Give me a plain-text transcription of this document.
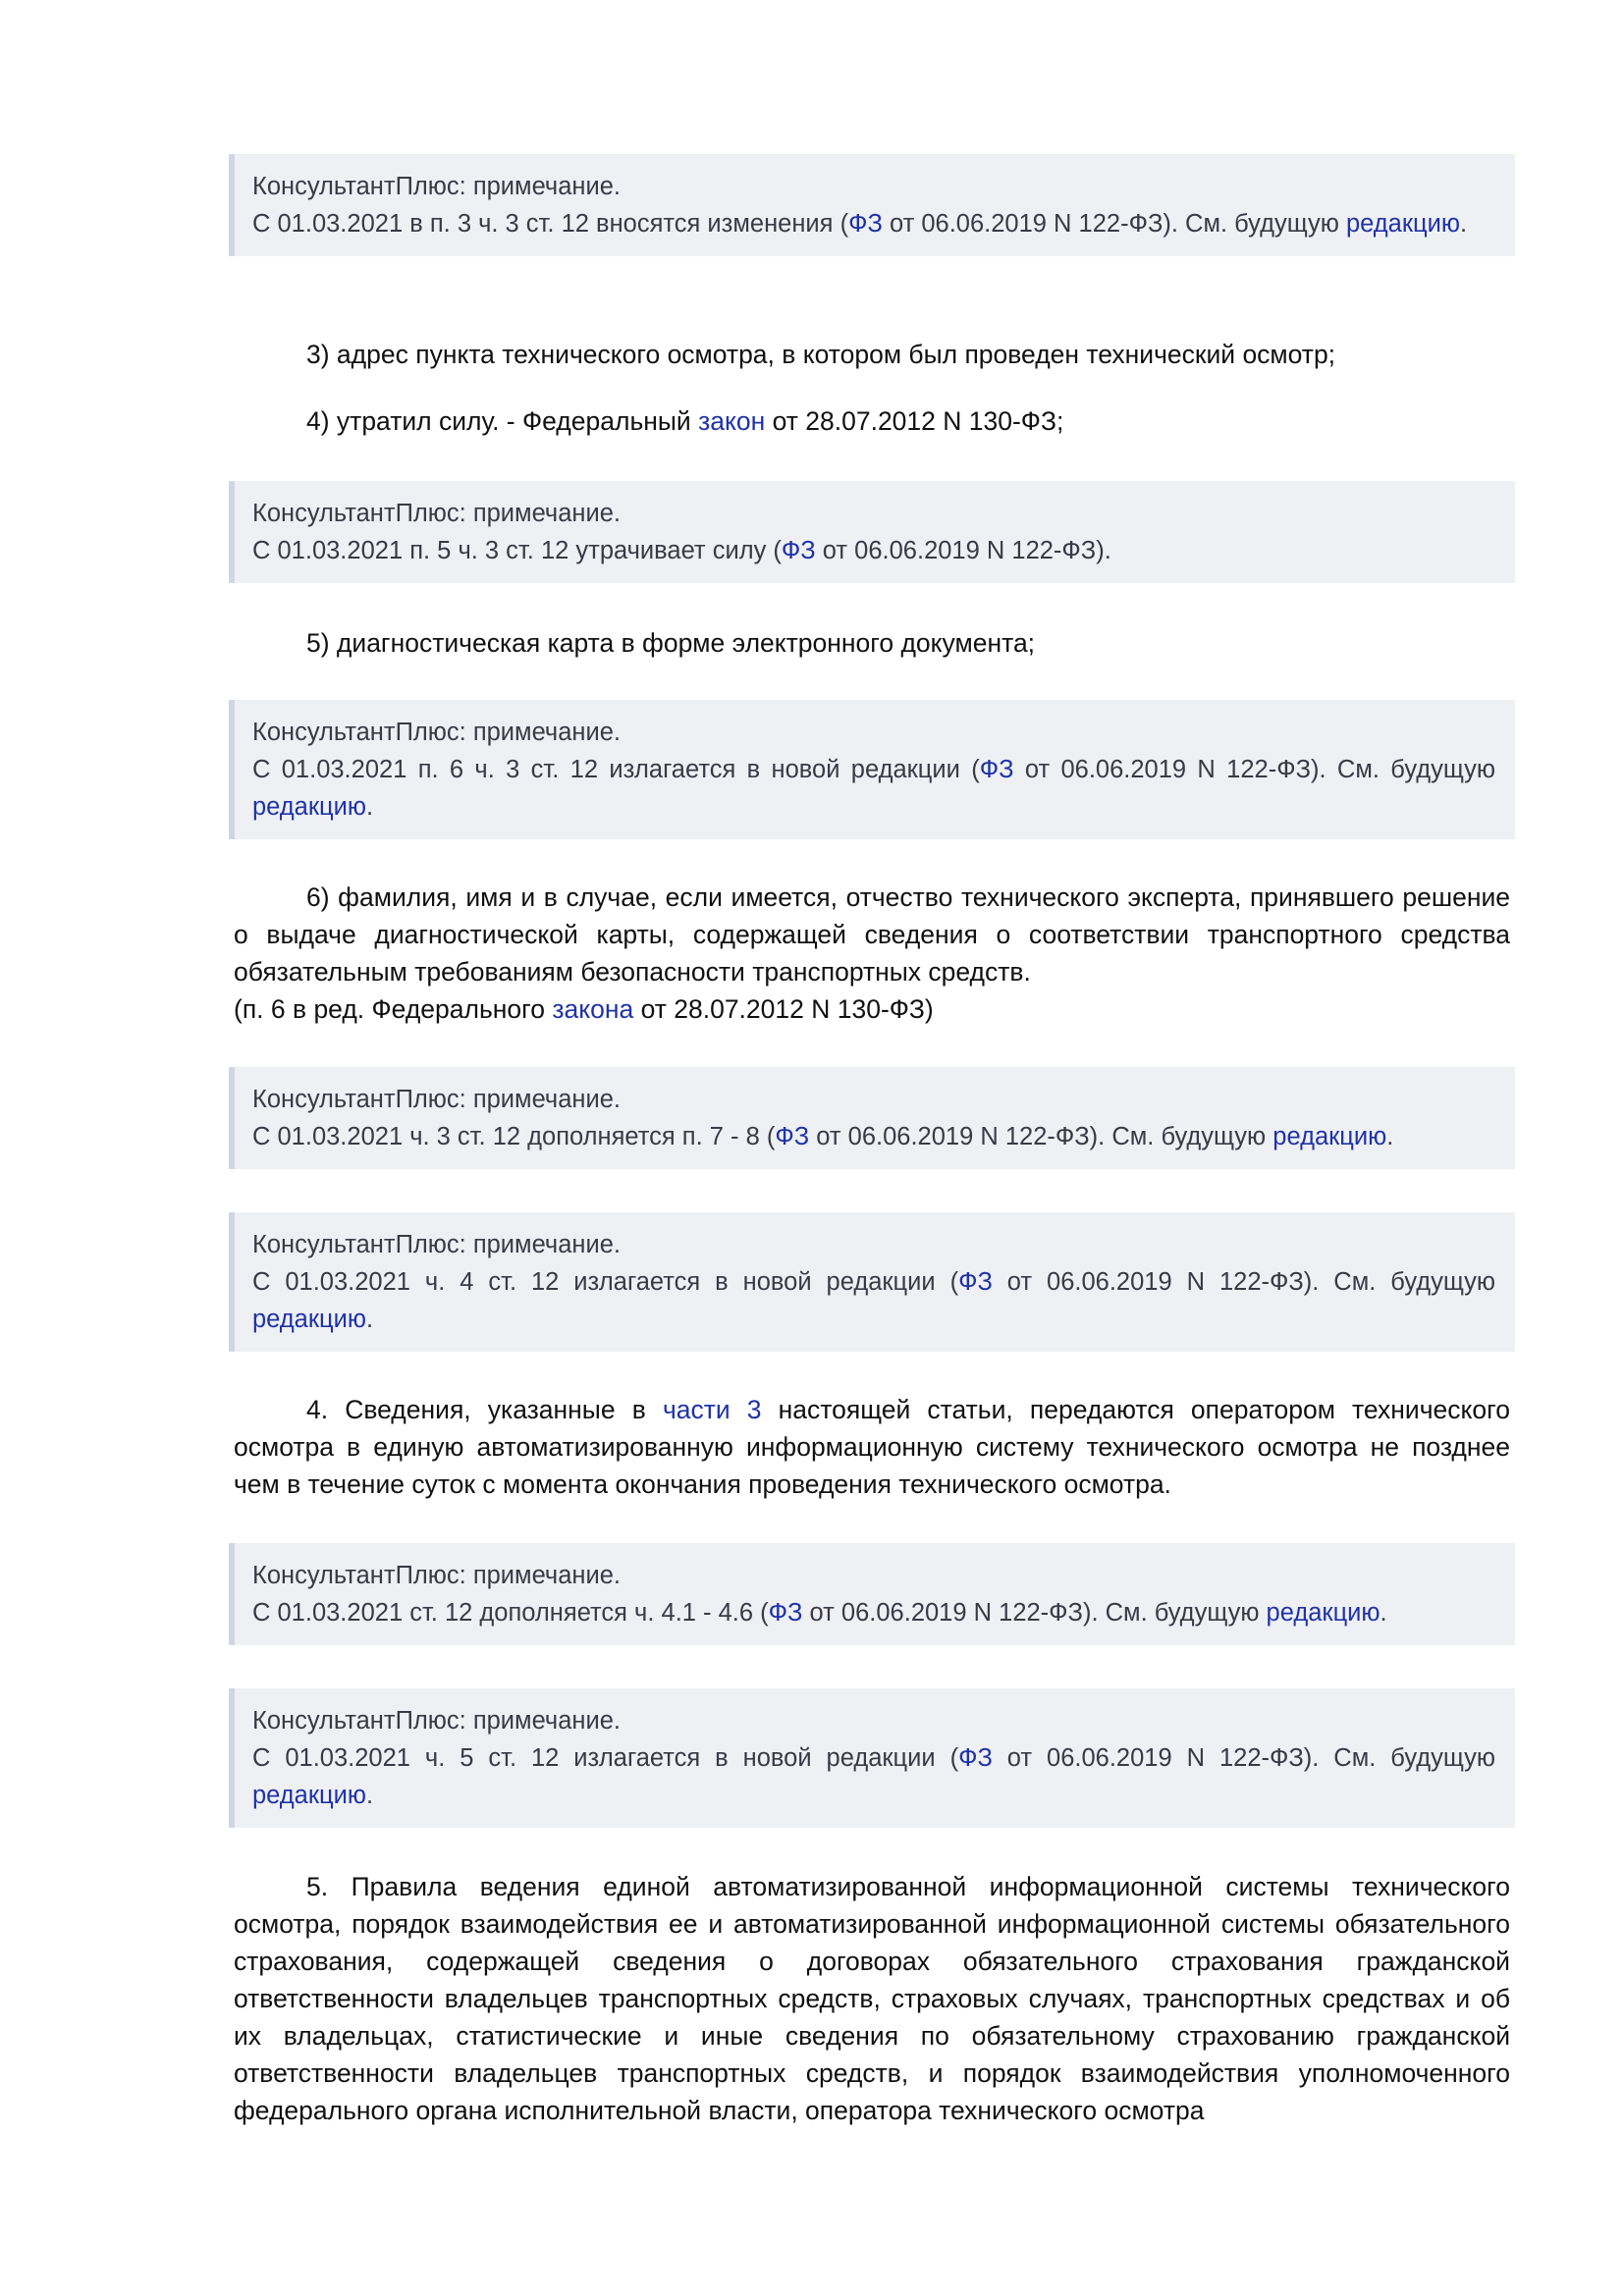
КонсультантПлюс: примечание.
С 01.03.2021 в п. 3 ч. 3 ст. 12 вносятся изменения (ФЗ от 06.06.2019 N 122-ФЗ). См. будущую редакцию.
3) адрес пункта технического осмотра, в котором был проведен технический осмотр;
4) утратил силу. - Федеральный закон от 28.07.2012 N 130-ФЗ;
КонсультантПлюс: примечание.
С 01.03.2021 п. 5 ч. 3 ст. 12 утрачивает силу (ФЗ от 06.06.2019 N 122-ФЗ).
5) диагностическая карта в форме электронного документа;
КонсультантПлюс: примечание.
С 01.03.2021 п. 6 ч. 3 ст. 12 излагается в новой редакции (ФЗ от 06.06.2019 N 122-ФЗ). См. будущую редакцию.
6) фамилия, имя и в случае, если имеется, отчество технического эксперта, принявшего решение о выдаче диагностической карты, содержащей сведения о соответствии транспортного средства обязательным требованиям безопасности транспортных средств.
(п. 6 в ред. Федерального закона от 28.07.2012 N 130-ФЗ)
КонсультантПлюс: примечание.
С 01.03.2021 ч. 3 ст. 12 дополняется п. 7 - 8 (ФЗ от 06.06.2019 N 122-ФЗ). См. будущую редакцию.
КонсультантПлюс: примечание.
С 01.03.2021 ч. 4 ст. 12 излагается в новой редакции (ФЗ от 06.06.2019 N 122-ФЗ). См. будущую редакцию.
4. Сведения, указанные в части 3 настоящей статьи, передаются оператором технического осмотра в единую автоматизированную информационную систему технического осмотра не позднее чем в течение суток с момента окончания проведения технического осмотра.
КонсультантПлюс: примечание.
С 01.03.2021 ст. 12 дополняется ч. 4.1 - 4.6 (ФЗ от 06.06.2019 N 122-ФЗ). См. будущую редакцию.
КонсультантПлюс: примечание.
С 01.03.2021 ч. 5 ст. 12 излагается в новой редакции (ФЗ от 06.06.2019 N 122-ФЗ). См. будущую редакцию.
5. Правила ведения единой автоматизированной информационной системы технического осмотра, порядок взаимодействия ее и автоматизированной информационной системы обязательного страхования, содержащей сведения о договорах обязательного страхования гражданской ответственности владельцев транспортных средств, страховых случаях, транспортных средствах и об их владельцах, статистические и иные сведения по обязательному страхованию гражданской ответственности владельцев транспортных средств, и порядок взаимодействия уполномоченного федерального органа исполнительной власти, оператора технического осмотра
